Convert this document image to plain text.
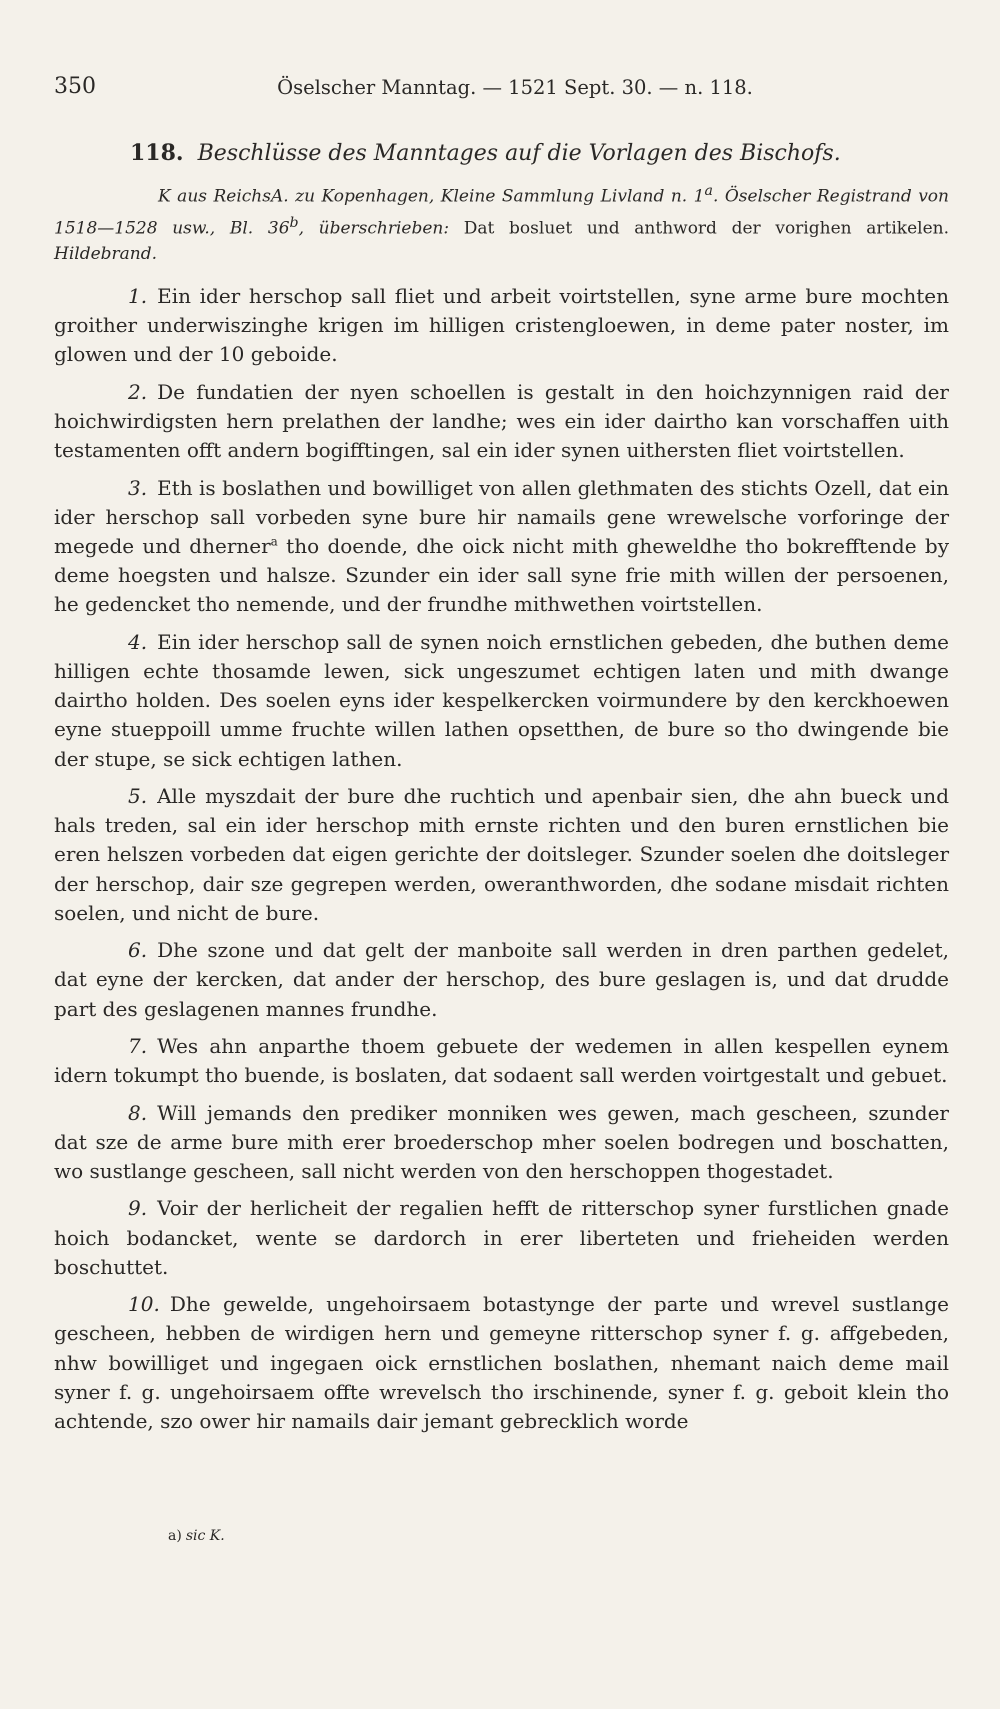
350	Öselscher Manntag. — 1521 Sept. 30. — n. 118.
118. Beschlüsse des Manntages auf die Vorlagen des Bischofs.
K aus ReichsA. zu Kopenhagen, Kleine Sammlung Livland n. 1$^a$. Öselscher Registrand von 1518—1528 usw., Bl. 36$^b$, überschrieben: Dat bosluet und anthword der vorighen artikelen. Hildebrand.

1. Ein ider herschop sall fliet und arbeit voirtstellen, syne arme bure mochten groither underwiszinghe krigen im hilligen cristengloewen, in deme pater noster, im glowen und der 10 geboide.

2. De fundatien der nyen schoellen is gestalt in den hoichzynnigen raid der hoichwirdigsten hern prelathen der landhe; wes ein ider dairtho kan vorschaffen uith testamenten offt andern bogifftingen, sal ein ider synen uithersten fliet voirtstellen.

3. Eth is boslathen und bowilliget von allen glethmaten des stichts Ozell, dat ein ider herschop sall vorbeden syne bure hir namails gene wrewelsche vorforinge der megede und dherner$^a$ tho doende, dhe oick nicht mith gheweldhe tho bokrefftende by deme hoegsten und halsze. Szunder ein ider sall syne frie mith willen der persoenen, he gedencket tho nemende, und der frundhe mithwethen voirtstellen.

4. Ein ider herschop sall de synen noich ernstlichen gebeden, dhe buthen deme hilligen echte thosamde lewen, sick ungeszumet echtigen laten und mith dwange dairtho holden. Des soelen eyns ider kespelkercken voirmundere by den kerckhoewen eyne stueppoill umme fruchte willen lathen opsetthen, de bure so tho dwingende bie der stupe, se sick echtigen lathen.

5. Alle myszdait der bure dhe ruchtich und apenbair sien, dhe ahn bueck und hals treden, sal ein ider herschop mith ernste richten und den buren ernstlichen bie eren helszen vorbeden dat eigen gerichte der doitsleger. Szunder soelen dhe doitsleger der herschop, dair sze gegrepen werden, oweranthworden, dhe sodane misdait richten soelen, und nicht de bure.

6. Dhe szone und dat gelt der manboite sall werden in dren parthen gedelet, dat eyne der kercken, dat ander der herschop, des bure geslagen is, und dat drudde part des geslagenen mannes frundhe.

7. Wes ahn anparthe thoem gebuete der wedemen in allen kespellen eynem idern tokumpt tho buende, is boslaten, dat sodaent sall werden voirtgestalt und gebuet.

8. Will jemands den prediker monniken wes gewen, mach gescheen, szunder dat sze de arme bure mith erer broederschop mher soelen bodregen und boschatten, wo sustlange gescheen, sall nicht werden von den herschoppen thogestadet.

9. Voir der herlicheit der regalien hefft de ritterschop syner furstlichen gnade hoich bodancket, wente se dardorch in erer liberteten und frieheiden werden boschuttet.

10. Dhe gewelde, ungehoirsaem botastynge der parte und wrevel sustlange gescheen, hebben de wirdigen hern und gemeyne ritterschop syner f. g. affgebeden, nhw bowilliget und ingegaen oick ernstlichen boslathen, nhemant naich deme mail syner f. g. ungehoirsaem offte wrevelsch tho irschinende, syner f. g. geboit klein tho achtende, szo ower hir namails dair jemant gebrecklich worde

a) sic K.
